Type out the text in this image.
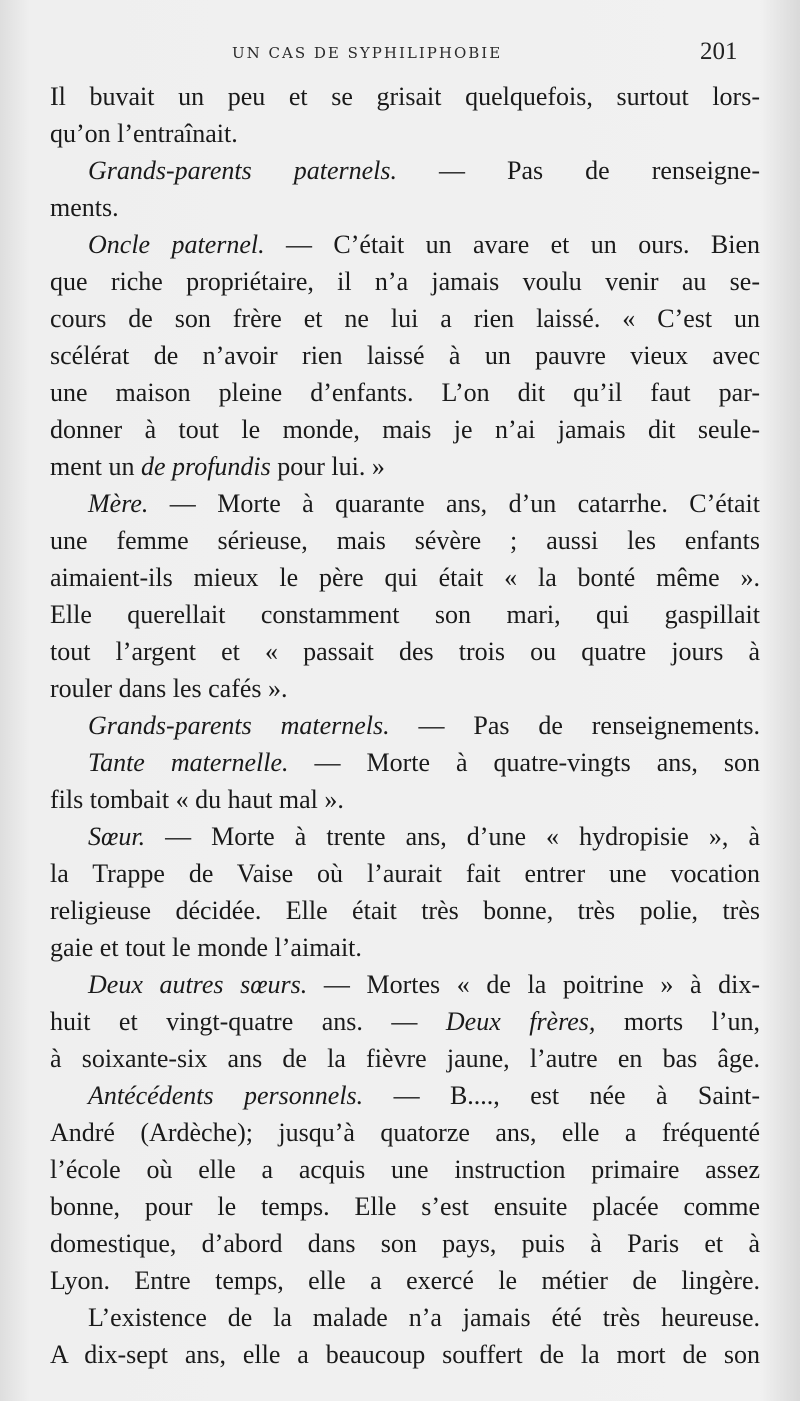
UN CAS DE SYPHILIPHOBIE	201
Il buvait un peu et se grisait quelquefois, surtout lors-
qu’on l’entraînait.
Grands-parents paternels. — Pas de renseigne-
ments.
Oncle paternel. — C’était un avare et un ours. Bien
que riche propriétaire, il n’a jamais voulu venir au se-
cours de son frère et ne lui a rien laissé. « C’est un
scélérat de n’avoir rien laissé à un pauvre vieux avec
une maison pleine d’enfants. L’on dit qu’il faut par-
donner à tout le monde, mais je n’ai jamais dit seule-
ment un de profundis pour lui. »
Mère. — Morte à quarante ans, d’un catarrhe. C’était
une femme sérieuse, mais sévère ; aussi les enfants
aimaient-ils mieux le père qui était « la bonté même ».
Elle querellait constamment son mari, qui gaspillait
tout l’argent et « passait des trois ou quatre jours à
rouler dans les cafés ».
Grands-parents maternels. — Pas de renseignements.
Tante maternelle. — Morte à quatre-vingts ans, son
fils tombait « du haut mal ».
Sœur. — Morte à trente ans, d’une « hydropisie », à
la Trappe de Vaise où l’aurait fait entrer une vocation
religieuse décidée. Elle était très bonne, très polie, très
gaie et tout le monde l’aimait.
Deux autres sœurs. — Mortes « de la poitrine » à dix-
huit et vingt-quatre ans. — Deux frères, morts l’un,
à soixante-six ans de la fièvre jaune, l’autre en bas âge.
Antécédents personnels. — B...., est née à Saint-
André (Ardèche); jusqu’à quatorze ans, elle a fréquenté
l’école où elle a acquis une instruction primaire assez
bonne, pour le temps. Elle s’est ensuite placée comme
domestique, d’abord dans son pays, puis à Paris et à
Lyon. Entre temps, elle a exercé le métier de lingère.
L’existence de la malade n’a jamais été très heureuse.
A dix-sept ans, elle a beaucoup souffert de la mort de son
